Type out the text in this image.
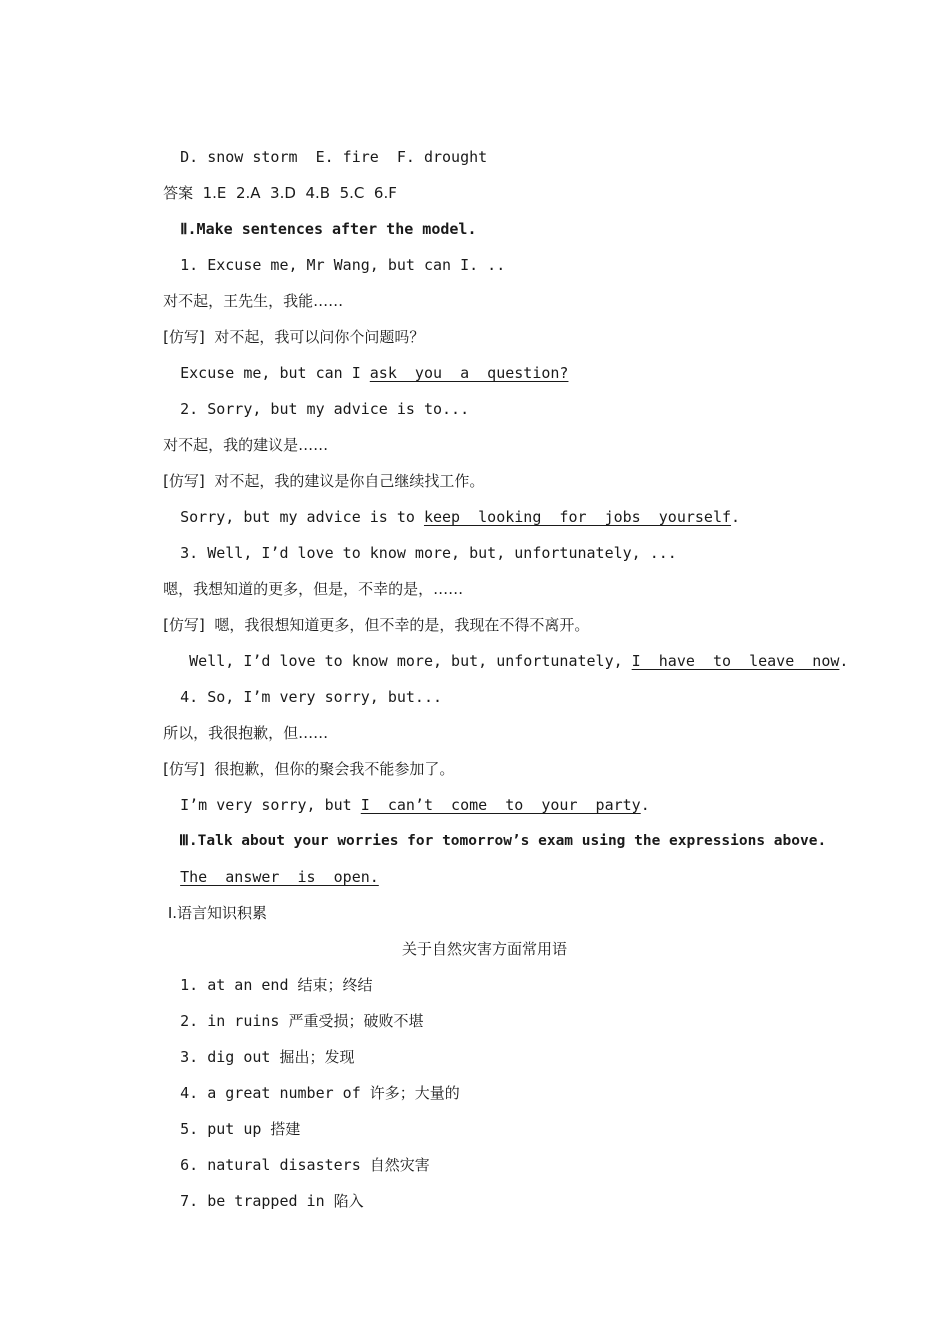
D. snow storm  E. fire  F. drought

答案  1.E  2.A  3.D  4.B  5.C  6.F

Ⅱ.Make sentences after the model.

1. Excuse me, Mr Wang, but can I. ..

对不起，王先生，我能……

[仿写]  对不起，我可以问你个问题吗？

Excuse me, but can I ask  you  a  question?

2. Sorry, but my advice is to...

对不起，我的建议是……

[仿写]  对不起，我的建议是你自己继续找工作。

Sorry, but my advice is to keep  looking  for  jobs  yourself.

3. Well, I’d love to know more, but, unfortunately, ...

嗯，我想知道的更多，但是，不幸的是，……

[仿写]  嗯，我很想知道更多，但不幸的是，我现在不得不离开。

Well, I’d love to know more, but, unfortunately, I  have  to  leave  now.

4. So, I’m very sorry, but...

所以，我很抱歉，但……

[仿写]  很抱歉，但你的聚会我不能参加了。

I’m very sorry, but I  can’t  come  to  your  party.

Ⅲ.Talk about your worries for tomorrow’s exam using the expressions above.

The  answer  is  open.

Ⅰ.语言知识积累

关于自然灾害方面常用语

1. at an end 结束；终结

2. in ruins 严重受损；破败不堪

3. dig out 掘出；发现

4. a great number of 许多；大量的

5. put up 搭建

6. natural disasters 自然灾害

7. be trapped in 陷入
